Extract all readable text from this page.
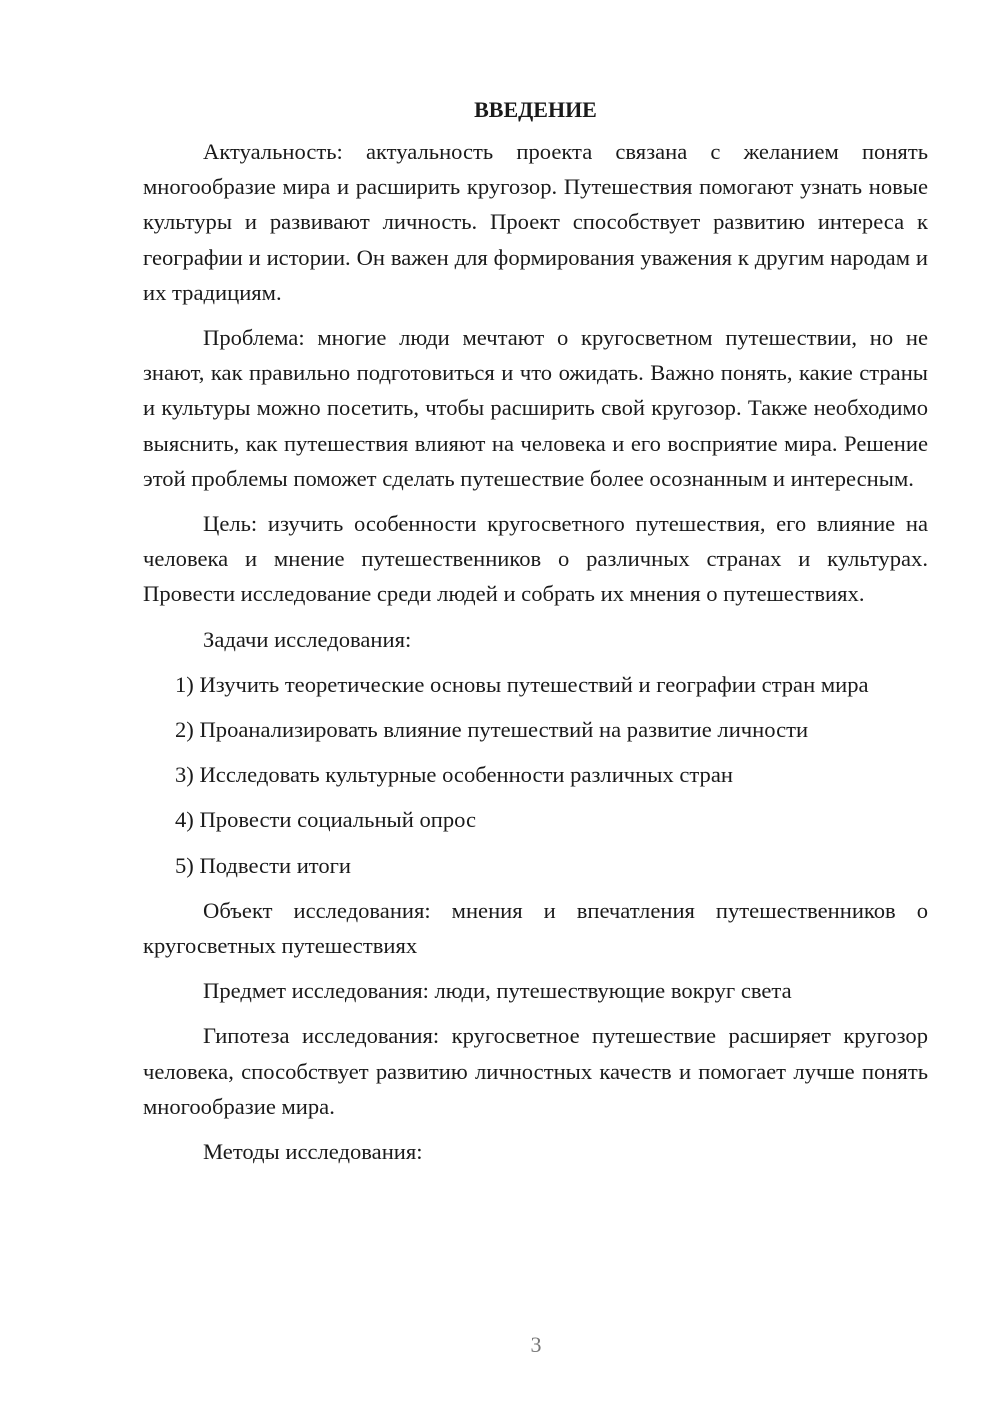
ВВЕДЕНИЕ

Актуальность: актуальность проекта связана с желанием понять многообразие мира и расширить кругозор. Путешествия помогают узнать новые культуры и развивают личность. Проект способствует развитию интереса к географии и истории. Он важен для формирования уважения к другим народам и их традициям.

Проблема: многие люди мечтают о кругосветном путешествии, но не знают, как правильно подготовиться и что ожидать. Важно понять, какие страны и культуры можно посетить, чтобы расширить свой кругозор. Также необходимо выяснить, как путешествия влияют на человека и его восприятие мира. Решение этой проблемы поможет сделать путешествие более осознанным и интересным.

Цель: изучить особенности кругосветного путешествия, его влияние на человека и мнение путешественников о различных странах и культурах. Провести исследование среди людей и собрать их мнения о путешествиях.

Задачи исследования:

1) Изучить теоретические основы путешествий и географии стран мира

2) Проанализировать влияние путешествий на развитие личности

3) Исследовать культурные особенности различных стран

4) Провести социальный опрос

5) Подвести итоги

Объект исследования: мнения и впечатления путешественников о кругосветных путешествиях

Предмет исследования: люди, путешествующие вокруг света

Гипотеза исследования: кругосветное путешествие расширяет кругозор человека, способствует развитию личностных качеств и помогает лучше понять многообразие мира.

Методы исследования:

3
